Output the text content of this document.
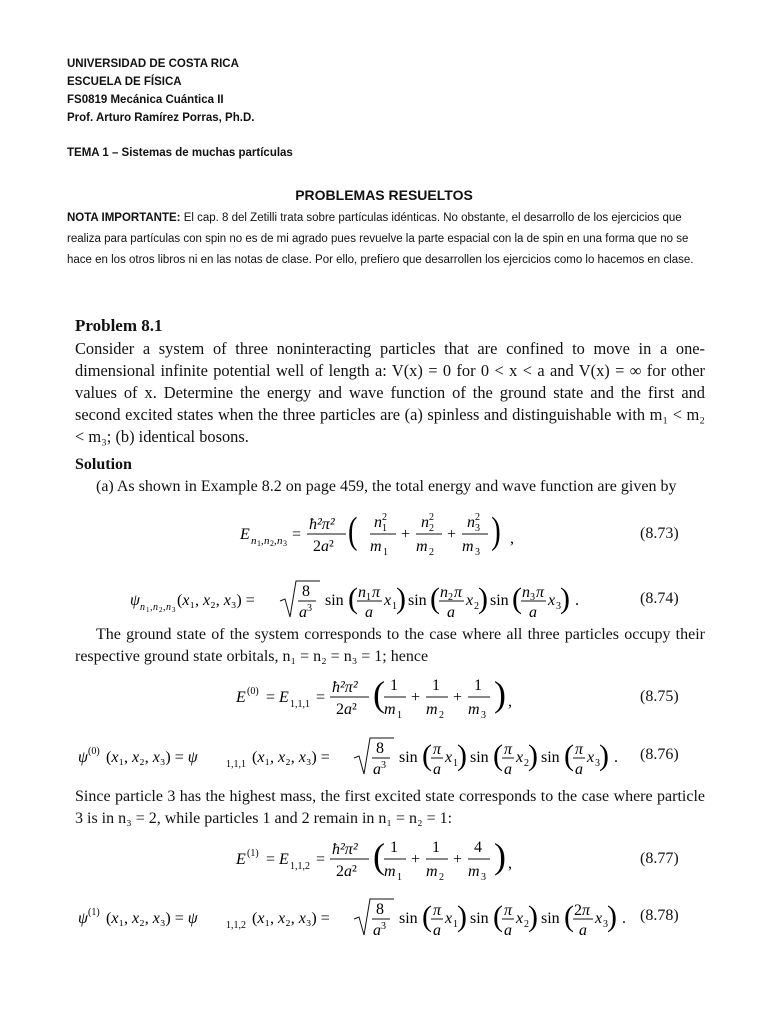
UNIVERSIDAD DE COSTA RICA
ESCUELA DE FÍSICA
FS0819 Mecánica Cuántica II
Prof. Arturo Ramírez Porras, Ph.D.
TEMA 1 – Sistemas de muchas partículas
PROBLEMAS RESUELTOS
NOTA IMPORTANTE: El cap. 8 del Zetilli trata sobre partículas idénticas. No obstante, el desarrollo de los ejercicios que realiza para partículas con spin no es de mi agrado pues revuelve la parte espacial con la de spin en una forma que no se hace en los otros libros ni en las notas de clase. Por ello, prefiero que desarrollen los ejercicios como lo hacemos en clase.
Problem 8.1
Consider a system of three noninteracting particles that are confined to move in a one-dimensional infinite potential well of length a: V(x) = 0 for 0 < x < a and V(x) = ∞ for other values of x. Determine the energy and wave function of the ground state and the first and second excited states when the three particles are (a) spinless and distinguishable with m₁ < m₂ < m₃; (b) identical bosons.
Solution
(a) As shown in Example 8.2 on page 459, the total energy and wave function are given by
E n 1 , n 2 , n 3
=
ħ²π²
2a² ( n 2
1
m 1
+
n 2
2
m 2
+
n 2
3
m 3
) ,	(8.73)
ψ n 1 , n 2 , n 3
(x₁, x₂, x₃) =
8
a 3 sin ( n 1 π
a
x 1 ) sin ( n 2 π
a
x 2 ) sin ( n 3 π
a
x 3 ) .	(8.74)
The ground state of the system corresponds to the case where all three particles occupy their respective ground state orbitals, n₁ = n₂ = n₃ = 1; hence
E (0) = E 1,1,1 =
ħ²π²
2a² ( 1
m 1
+
1
m 2
+
1
m 3
) ,	(8.75)
ψ (0) (x₁, x₂, x₃) = ψ	1,1,1 (x₁, x₂, x₃) =
8
a 3 sin ( π
a
x 1 ) sin ( π
a
x 2 ) sin ( π
a
x 3 ) . (8.76)
Since particle 3 has the highest mass, the first excited state corresponds to the case where particle 3 is in n₃ = 2, while particles 1 and 2 remain in n₁ = n₂ = 1:
E (1) = E 1,1,2 =
ħ²π²
2a² ( 1
m 1
+
1
m 2
+
4
m 3
) ,	(8.77)
ψ (1) (x₁, x₂, x₃) = ψ	1,1,2 (x₁, x₂, x₃) =
8
a 3 sin ( π
a
x 1 ) sin ( π
a
x 2 ) sin ( 2π
a
x 3 ) . (8.78)
